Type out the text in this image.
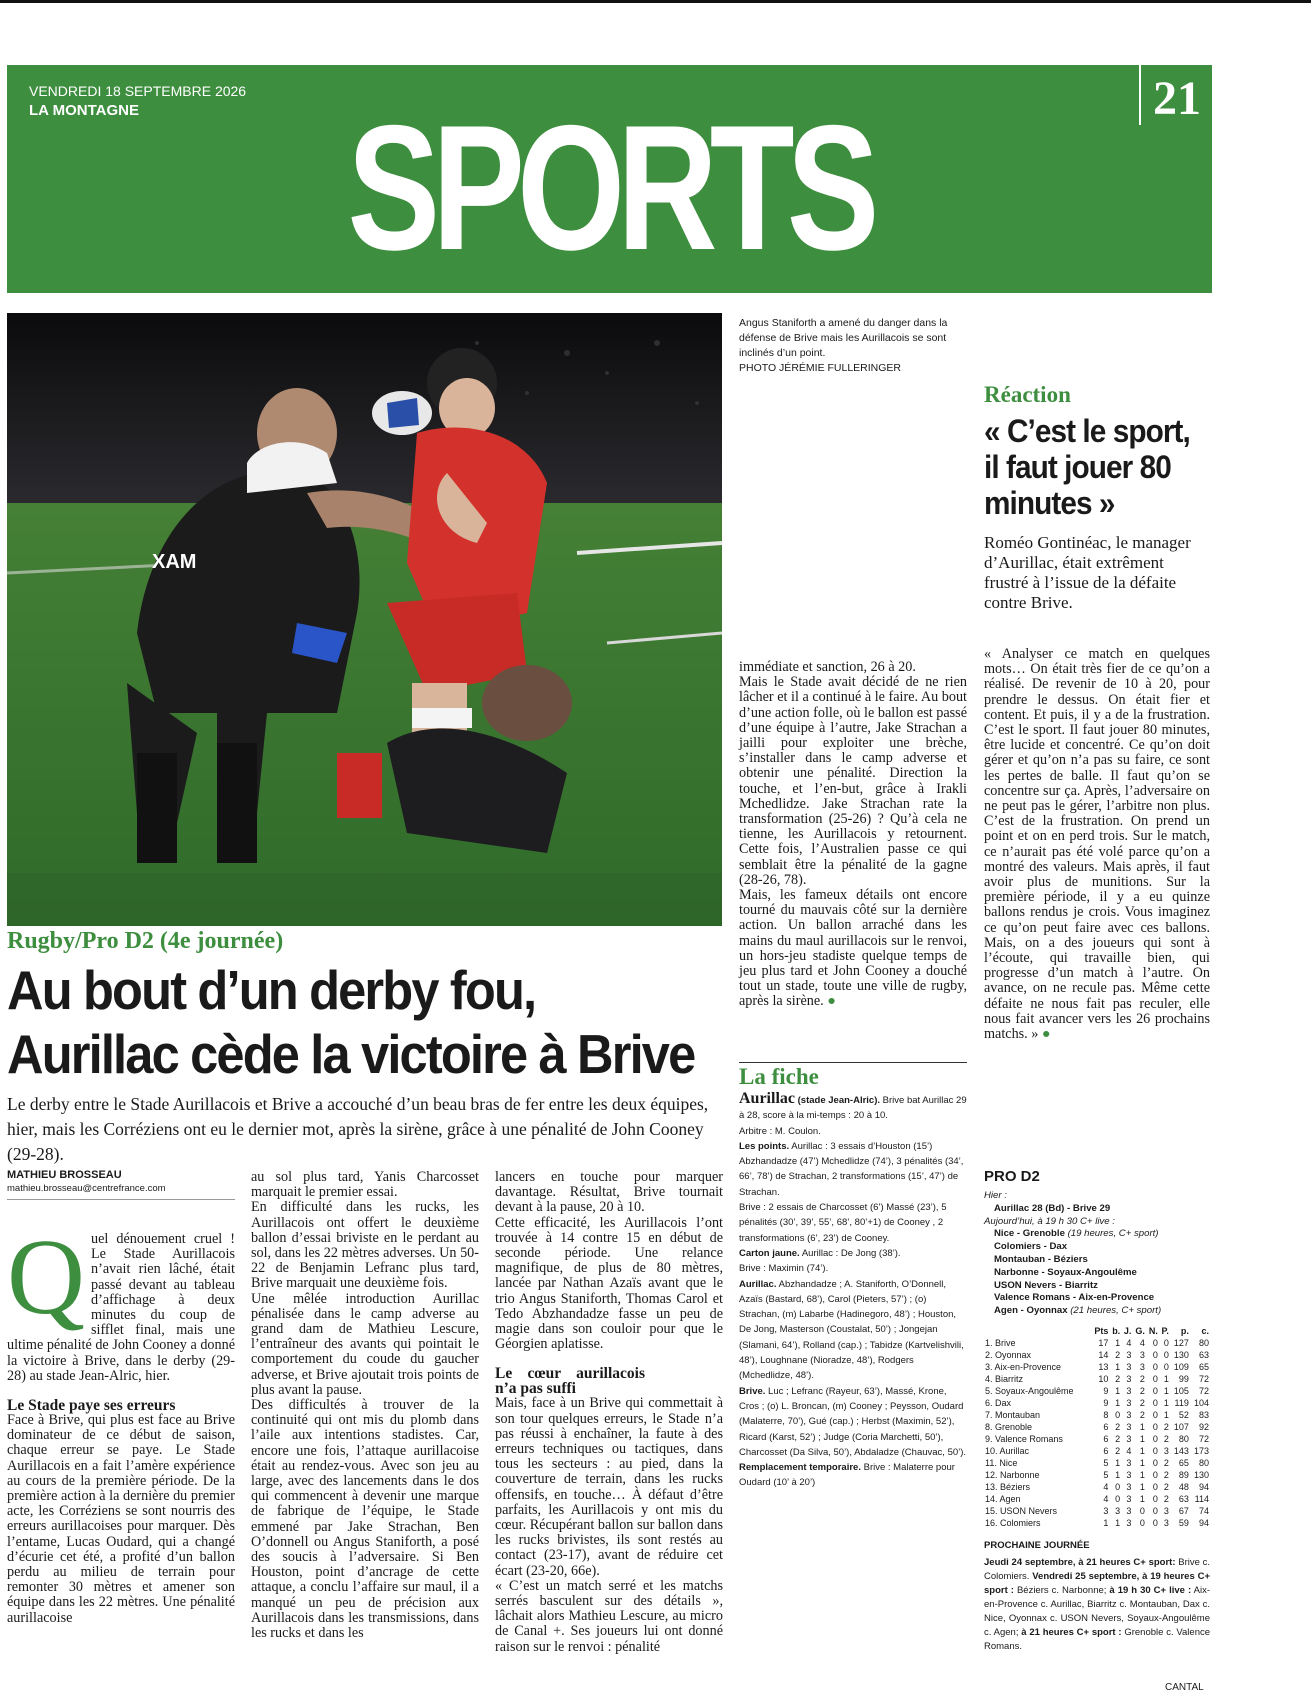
VENDREDI 18 SEPTEMBRE 2026
LA MONTAGNE	SPORTS	21
XAM
Angus Staniforth a amené du danger dans la défense de Brive mais les Aurillacois se sont inclinés d’un point.
PHOTO JÉRÉMIE FULLERINGER
Rugby/Pro D2 (4e journée)
Au bout d’un derby fou,
Aurillac cède la victoire à Brive
Le derby entre le Stade Aurillacois et Brive a accouché d’un beau bras de fer entre les deux équipes, hier, mais les Corréziens ont eu le dernier mot, après la sirène, grâce à une pénalité de John Cooney (29-28).
MATHIEU BROSSEAU
mathieu.brosseau@centrefrance.com

Quel dénouement cruel ! Le Stade Aurillacois n’avait rien lâché, était passé devant au tableau d’affichage à deux minutes du coup de sifflet final, mais une ultime pénalité de John Cooney a donné la victoire à Brive, dans le derby (29- 28) au stade Jean-Alric, hier.

Le Stade paye ses erreurs

Face à Brive, qui plus est face au Brive dominateur de ce début de saison, chaque erreur se paye. Le Stade Aurillacois en a fait l’amère expérience au cours de la première période. De la première action à la dernière du premier acte, les Corréziens se sont nourris des erreurs aurillacoises pour marquer. Dès l’entame, Lucas Oudard, qui a changé d’écurie cet été, a profité d’un ballon perdu au milieu de terrain pour remonter 30 mètres et amener son équipe dans les 22 mètres. Une pénalité aurillacoise

au sol plus tard, Yanis Charcosset marquait le premier essai.

En difficulté dans les rucks, les Aurillacois ont offert le deuxième ballon d’essai briviste en le perdant au sol, dans les 22 mètres adverses. Un 50-22 de Benjamin Lefranc plus tard, Brive marquait une deuxième fois.

Une mêlée introduction Aurillac pénalisée dans le camp adverse au grand dam de Mathieu Lescure, l’entraîneur des avants qui pointait le comportement du coude du gaucher adverse, et Brive ajoutait trois points de plus avant la pause.

Des difficultés à trouver de la continuité qui ont mis du plomb dans l’aile aux intentions stadistes. Car, encore une fois, l’attaque aurillacoise était au rendez-vous. Avec son jeu au large, avec des lancements dans le dos qui commencent à devenir une marque de fabrique de l’équipe, le Stade emmené par Jake Strachan, Ben O’donnell ou Angus Staniforth, a posé des soucis à l’adversaire. Si Ben Houston, point d’ancrage de cette attaque, a conclu l’affaire sur maul, il a manqué un peu de précision aux Aurillacois dans les transmissions, dans les rucks et dans les

lancers en touche pour marquer davantage. Résultat, Brive tournait devant à la pause, 20 à 10.

Cette efficacité, les Aurillacois l’ont trouvée à 14 contre 15 en début de seconde période. Une relance magnifique, de plus de 80 mètres, lancée par Nathan Azaïs avant que le trio Angus Staniforth, Thomas Carol et Tedo Abzhandadze fasse un peu de magie dans son couloir pour que le Géorgien aplatisse.

Le cœur aurillacois n’a pas suffi

Mais, face à un Brive qui commettait à son tour quelques erreurs, le Stade n’a pas réussi à enchaîner, la faute à des erreurs techniques ou tactiques, dans tous les secteurs : au pied, dans la couverture de terrain, dans les rucks offensifs, en touche… À défaut d’être parfaits, les Aurillacois y ont mis du cœur. Récupérant ballon sur ballon dans les rucks brivistes, ils sont restés au contact (23-17), avant de réduire cet écart (23-20, 66e).

« C’est un match serré et les matchs serrés basculent sur des détails », lâchait alors Mathieu Lescure, au micro de Canal +. Ses joueurs lui ont donné raison sur le renvoi : pénalité

immédiate et sanction, 26 à 20.

Mais le Stade avait décidé de ne rien lâcher et il a continué à le faire. Au bout d’une action folle, où le ballon est passé d’une équipe à l’autre, Jake Strachan a jailli pour exploiter une brèche, s’installer dans le camp adverse et obtenir une pénalité. Direction la touche, et l’en-but, grâce à Irakli Mchedlidze. Jake Strachan rate la transformation (25-26) ? Qu’à cela ne tienne, les Aurillacois y retournent. Cette fois, l’Australien passe ce qui semblait être la pénalité de la gagne (28-26, 78).

Mais, les fameux détails ont encore tourné du mauvais côté sur la dernière action. Un ballon arraché dans les mains du maul aurillacois sur le renvoi, un hors-jeu stadiste quelque temps de jeu plus tard et John Cooney a douché tout un stade, toute une ville de rugby, après la sirène. ●

Réaction
« C’est le sport, il faut jouer 80 minutes »
Roméo Gontinéac, le manager d’Aurillac, était extrêment frustré à l’issue de la défaite contre Brive.

« Analyser ce match en quelques mots… On était très fier de ce qu’on a réalisé. De revenir de 10 à 20, pour prendre le dessus. On était fier et content. Et puis, il y a de la frustration. C’est le sport. Il faut jouer 80 minutes, être lucide et concentré. Ce qu’on doit gérer et qu’on n’a pas su faire, ce sont les pertes de balle. Il faut qu’on se concentre sur ça. Après, l’adversaire on ne peut pas le gérer, l’arbitre non plus. C’est de la frustration. On prend un point et on en perd trois. Sur le match, ce n’aurait pas été volé parce qu’on a montré des valeurs. Mais après, il faut avoir plus de munitions. Sur la première période, il y a eu quinze ballons rendus je crois. Vous imaginez ce qu’on peut faire avec ces ballons. Mais, on a des joueurs qui sont à l’écoute, qui travaille bien, qui progresse d’un match à l’autre. On avance, on ne recule pas. Même cette défaite ne nous fait pas reculer, elle nous fait avancer vers les 26 prochains matchs. » ●

La fiche

Aurillac (stade Jean-Alric). Brive bat Aurillac 29 à 28, score à la mi-temps : 20 à 10.

Arbitre : M. Coulon.

Les points. Aurillac : 3 essais d’Houston (15’) Abzhandadze (47’) Mchedlidze (74’), 3 pénalités (34’, 66’, 78’) de Strachan, 2 transformations (15’, 47’) de Strachan.

Brive : 2 essais de Charcosset (6’) Massé (23’), 5 pénalités (30’, 39’, 55’, 68’, 80’+1) de Cooney , 2 transformations (6’, 23’) de Cooney.

Carton jaune. Aurillac : De Jong (38’).

Brive : Maximin (74’).

Aurillac. Abzhandadze ; A. Staniforth, O’Donnell, Azaïs (Bastard, 68’), Carol (Pieters, 57’) ; (o) Strachan, (m) Labarbe (Hadinegoro, 48’) ; Houston, De Jong, Masterson (Coustalat, 50’) ; Jongejan (Slamani, 64’), Rolland (cap.) ; Tabidze (Kartvelishvili, 48’), Loughnane (Nioradze, 48’), Rodgers (Mchedlidze, 48’).

Brive. Luc ; Lefranc (Rayeur, 63’), Massé, Krone, Cros ; (o) L. Broncan, (m) Cooney ; Peysson, Oudard (Malaterre, 70’), Gué (cap.) ; Herbst (Maximin, 52’), Ricard (Karst, 52’) ; Judge (Coria Marchetti, 50’), Charcosset (Da Silva, 50’), Abdaladze (Chauvac, 50’).

Remplacement temporaire. Brive : Malaterre pour Oudard (10’ à 20’)

PRO D2
Hier :
Aurillac 28 (Bd) - Brive 29
Aujourd’hui, à 19 h 30 C+ live :
Nice - Grenoble (19 heures, C+ sport)
Colomiers - Dax
Montauban - Béziers
Narbonne - Soyaux-Angoulême
USON Nevers - Biarritz
Valence Romans - Aix-en-Provence
Agen - Oyonnax (21 heures, C+ sport)
	Pts	b.	J.	G.	N.	P.	p.	c.
1. Brive	17	1	4	4	0	0	127	80
2. Oyonnax	14	2	3	3	0	0	130	63
3. Aix-en-Provence	13	1	3	3	0	0	109	65
4. Biarritz	10	2	3	2	0	1	99	72
5. Soyaux-Angoulême	9	1	3	2	0	1	105	72
6. Dax	9	1	3	2	0	1	119	104
7. Montauban	8	0	3	2	0	1	52	83
8. Grenoble	6	2	3	1	0	2	107	92
9. Valence Romans	6	2	3	1	0	2	80	72
10. Aurillac	6	2	4	1	0	3	143	173
11. Nice	5	1	3	1	0	2	65	80
12. Narbonne	5	1	3	1	0	2	89	130
13. Béziers	4	0	3	1	0	2	48	94
14. Agen	4	0	3	1	0	2	63	114
15. USON Nevers	3	3	3	0	0	3	67	74
16. Colomiers	1	1	3	0	0	3	59	94
PROCHAINE JOURNÉE
Jeudi 24 septembre, à 21 heures C+ sport: Brive c. Colomiers. Vendredi 25 septembre, à 19 heures C+ sport : Béziers c. Narbonne; à 19 h 30 C+ live : Aix-en-Provence c. Aurillac, Biarritz c. Montauban, Dax c. Nice, Oyonnax c. USON Nevers, Soyaux-Angoulême c. Agen; à 21 heures C+ sport : Grenoble c. Valence Romans.
CANTAL
